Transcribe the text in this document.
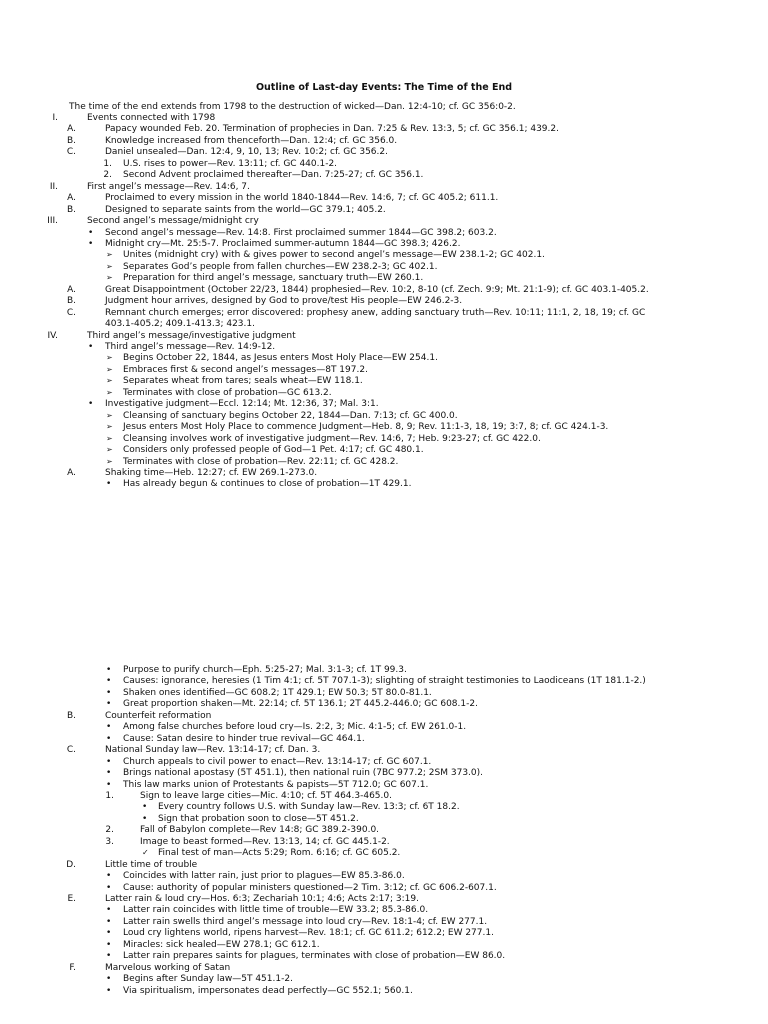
Outline of Last-day Events: The Time of the End
The time of the end extends from 1798 to the destruction of wicked—Dan. 12:4-10; cf. GC 356:0-2.
I.	Events connected with 1798
A.	Papacy wounded Feb. 20. Termination of prophecies in Dan. 7:25 & Rev. 13:3, 5; cf. GC 356.1; 439.2.
B.	Knowledge increased from thenceforth—Dan. 12:4; cf. GC 356.0.
C.	Daniel unsealed—Dan. 12:4, 9, 10, 13; Rev. 10:2; cf. GC 356.2.
1. U.S. rises to power—Rev. 13:11; cf. GC 440.1-2.
2. Second Advent proclaimed thereafter—Dan. 7:25-27; cf. GC 356.1.
II.	First angel’s message—Rev. 14:6, 7.
A.	Proclaimed to every mission in the world 1840-1844—Rev. 14:6, 7; cf. GC 405.2; 611.1.
B.	Designed to separate saints from the world—GC 379.1; 405.2.
III.	Second angel’s message/midnight cry
• Second angel’s message—Rev. 14:8. First proclaimed summer 1844—GC 398.2; 603.2.
• Midnight cry—Mt. 25:5-7. Proclaimed summer-autumn 1844—GC 398.3; 426.2.
➢ Unites (midnight cry) with & gives power to second angel’s message—EW 238.1-2; GC 402.1.
➢ Separates God’s people from fallen churches—EW 238.2-3; GC 402.1.
➢ Preparation for third angel’s message, sanctuary truth—EW 260.1.
A.	Great Disappointment (October 22/23, 1844) prophesied—Rev. 10:2, 8-10 (cf. Zech. 9:9; Mt. 21:1-9); cf. GC 403.1-405.2.
B.	Judgment hour arrives, designed by God to prove/test His people—EW 246.2-3.
C.	Remnant church emerges; error discovered: prophesy anew, adding sanctuary truth—Rev. 10:11; 11:1, 2, 18, 19; cf. GC
403.1-405.2; 409.1-413.3; 423.1.
IV.	Third angel’s message/investigative judgment
• Third angel’s message—Rev. 14:9-12.
➢ Begins October 22, 1844, as Jesus enters Most Holy Place—EW 254.1.
➢ Embraces first & second angel’s messages—8T 197.2.
➢ Separates wheat from tares; seals wheat—EW 118.1.
➢ Terminates with close of probation—GC 613.2.
• Investigative judgment—Eccl. 12:14; Mt. 12:36, 37; Mal. 3:1.
➢ Cleansing of sanctuary begins October 22, 1844—Dan. 7:13; cf. GC 400.0.
➢ Jesus enters Most Holy Place to commence Judgment—Heb. 8, 9; Rev. 11:1-3, 18, 19; 3:7, 8; cf. GC 424.1-3.
➢ Cleansing involves work of investigative judgment—Rev. 14:6, 7; Heb. 9:23-27; cf. GC 422.0.
➢ Considers only professed people of God—1 Pet. 4:17; cf. GC 480.1.
➢ Terminates with close of probation—Rev. 22:11; cf. GC 428.2.
A.	Shaking time—Heb. 12:27; cf. EW 269.1-273.0.
• Has already begun & continues to close of probation—1T 429.1.
• Purpose to purify church—Eph. 5:25-27; Mal. 3:1-3; cf. 1T 99.3.
• Causes: ignorance, heresies (1 Tim 4:1; cf. 5T 707.1-3); slighting of straight testimonies to Laodiceans (1T 181.1-2.)
• Shaken ones identified—GC 608.2; 1T 429.1; EW 50.3; 5T 80.0-81.1.
• Great proportion shaken—Mt. 22:14; cf. 5T 136.1; 2T 445.2-446.0; GC 608.1-2.
B.	Counterfeit reformation
• Among false churches before loud cry—Is. 2:2, 3; Mic. 4:1-5; cf. EW 261.0-1.
• Cause: Satan desire to hinder true revival—GC 464.1.
C.	National Sunday law—Rev. 13:14-17; cf. Dan. 3.
• Church appeals to civil power to enact—Rev. 13:14-17; cf. GC 607.1.
• Brings national apostasy (5T 451.1), then national ruin (7BC 977.2; 2SM 373.0).
• This law marks union of Protestants & papists—5T 712.0; GC 607.1.
1.	Sign to leave large cities—Mic. 4:10; cf. 5T 464.3-465.0.
• Every country follows U.S. with Sunday law—Rev. 13:3; cf. 6T 18.2.
• Sign that probation soon to close—5T 451.2.
2.	Fall of Babylon complete—Rev 14:8; GC 389.2-390.0.
3.	Image to beast formed—Rev. 13:13, 14; cf. GC 445.1-2.
✓ Final test of man—Acts 5:29; Rom. 6:16; cf. GC 605.2.
D.	Little time of trouble
• Coincides with latter rain, just prior to plagues—EW 85.3-86.0.
• Cause: authority of popular ministers questioned—2 Tim. 3:12; cf. GC 606.2-607.1.
E.	Latter rain & loud cry—Hos. 6:3; Zechariah 10:1; 4:6; Acts 2:17; 3:19.
• Latter rain coincides with little time of trouble—EW 33.2; 85.3-86.0.
• Latter rain swells third angel’s message into loud cry—Rev. 18:1-4; cf. EW 277.1.
• Loud cry lightens world, ripens harvest—Rev. 18:1; cf. GC 611.2; 612.2; EW 277.1.
• Miracles: sick healed—EW 278.1; GC 612.1.
• Latter rain prepares saints for plagues, terminates with close of probation—EW 86.0.
F.	Marvelous working of Satan
• Begins after Sunday law—5T 451.1-2.
• Via spiritualism, impersonates dead perfectly—GC 552.1; 560.1.
